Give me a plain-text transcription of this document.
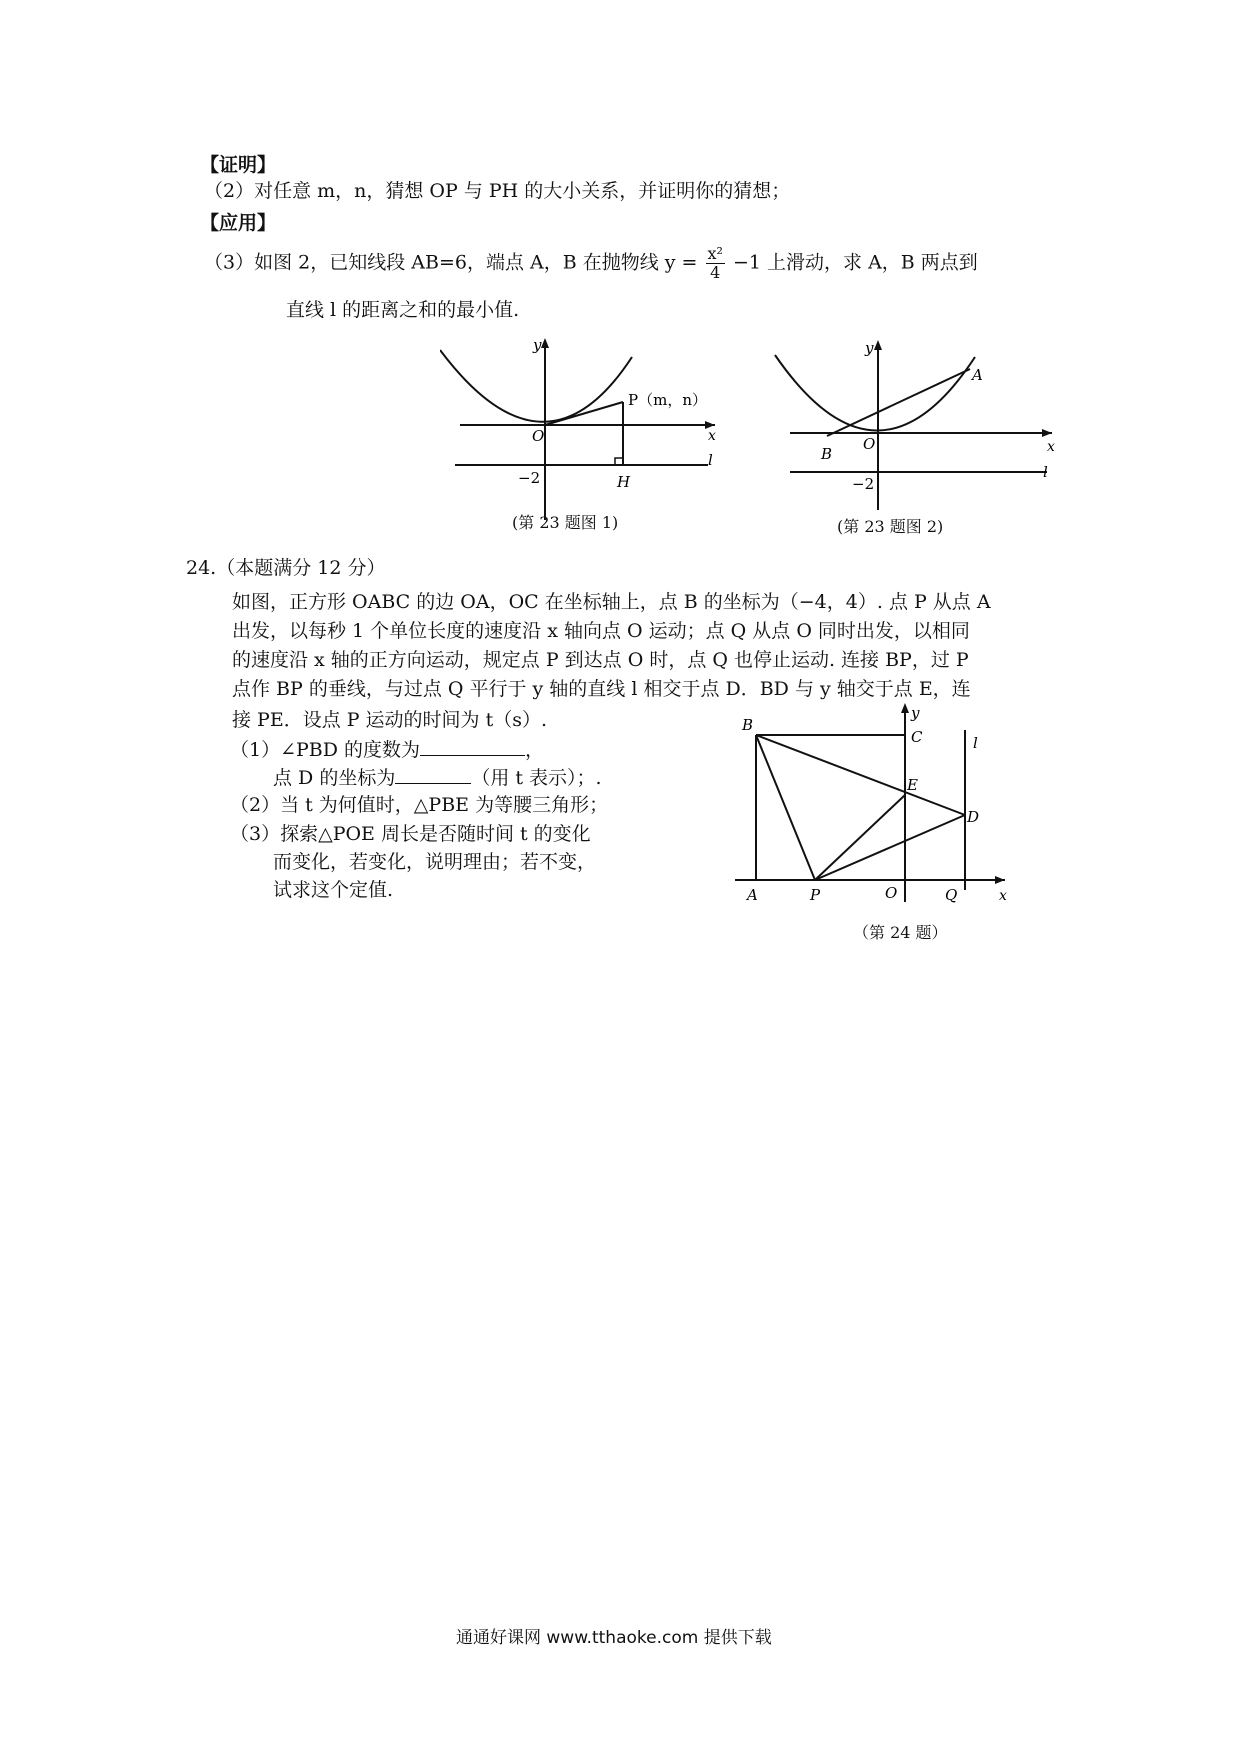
【证明】
（2）对任意 m，n，猜想 OP 与 PH 的大小关系，并证明你的猜想；
【应用】
（3）如图 2，已知线段 AB=6，端点 A，B 在抛物线 $y = \frac{\text{x²}}{4} -1$ 上滑动，求 A，B 两点到
直线 l 的距离之和的最小值.
y
x
O
P（m，n）
−2	H
l
(第 23 题图 1)
y
x
O
A
B
−2
l
(第 23 题图 2)
24.（本题满分 12 分）
如图，正方形 OABC 的边 OA，OC 在坐标轴上，点 B 的坐标为（−4，4）. 点 P 从点 A
出发，以每秒 1 个单位长度的速度沿 x 轴向点 O 运动；点 Q 从点 O 同时出发，以相同
的速度沿 x 轴的正方向运动，规定点 P 到达点 O 时，点 Q 也停止运动. 连接 BP，过 P
点作 BP 的垂线，与过点 Q 平行于 y 轴的直线 l 相交于点 D．BD 与 y 轴交于点 E，连
接 PE．设点 P 运动的时间为 t（s）.
（1）∠PBD 的度数为	，
点 D 的坐标为	（用 t 表示）；.
（2）当 t 为何值时，△PBE 为等腰三角形；
（3）探索△POE 周长是否随时间 t 的变化
而变化，若变化，说明理由；若不变，
试求这个定值.
B
C
y
l
E
D
A	P	O	Q	x
（第 24 题）
通通好课网 www.tthaoke.com 提供下载
